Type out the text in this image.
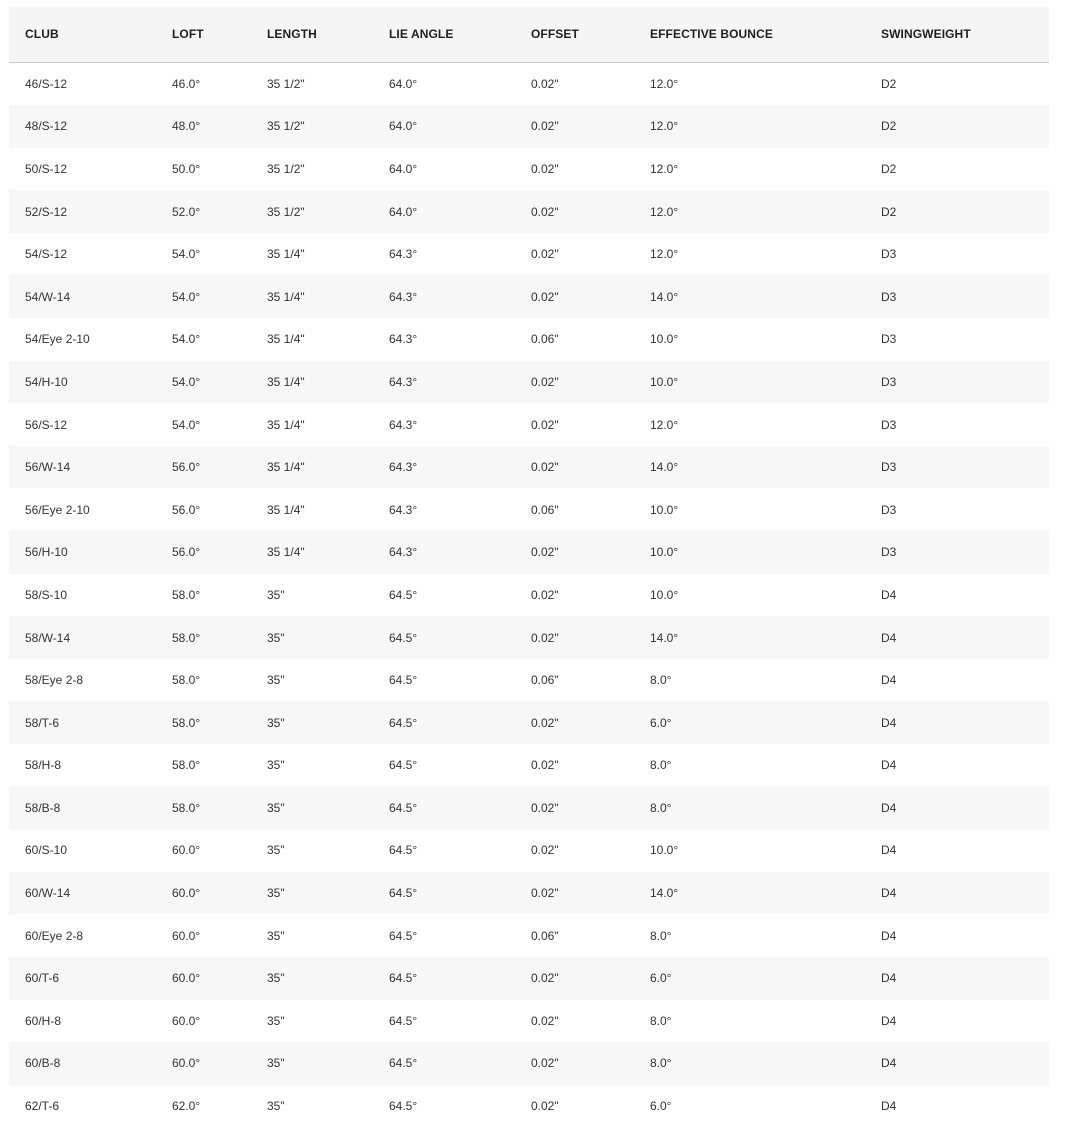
CLUB	LOFT	LENGTH	LIE ANGLE	OFFSET	EFFECTIVE BOUNCE	SWINGWEIGHT
46/S-12	46.0°	35 1/2"	64.0°	0.02"	12.0°	D2
48/S-12	48.0°	35 1/2"	64.0°	0.02"	12.0°	D2
50/S-12	50.0°	35 1/2"	64.0°	0.02"	12.0°	D2
52/S-12	52.0°	35 1/2"	64.0°	0.02"	12.0°	D2
54/S-12	54.0°	35 1/4"	64.3°	0.02"	12.0°	D3
54/W-14	54.0°	35 1/4"	64.3°	0.02"	14.0°	D3
54/Eye 2-10	54.0°	35 1/4"	64.3°	0.06"	10.0°	D3
54/H-10	54.0°	35 1/4"	64.3°	0.02"	10.0°	D3
56/S-12	54.0°	35 1/4"	64.3°	0.02"	12.0°	D3
56/W-14	56.0°	35 1/4"	64.3°	0.02"	14.0°	D3
56/Eye 2-10	56.0°	35 1/4"	64.3°	0.06"	10.0°	D3
56/H-10	56.0°	35 1/4"	64.3°	0.02"	10.0°	D3
58/S-10	58.0°	35"	64.5°	0.02"	10.0°	D4
58/W-14	58.0°	35"	64.5°	0.02"	14.0°	D4
58/Eye 2-8	58.0°	35"	64.5°	0.06"	8.0°	D4
58/T-6	58.0°	35"	64.5°	0.02"	6.0°	D4
58/H-8	58.0°	35"	64.5°	0.02"	8.0°	D4
58/B-8	58.0°	35"	64.5°	0.02"	8.0°	D4
60/S-10	60.0°	35"	64.5°	0.02"	10.0°	D4
60/W-14	60.0°	35"	64.5°	0.02"	14.0°	D4
60/Eye 2-8	60.0°	35"	64.5°	0.06"	8.0°	D4
60/T-6	60.0°	35"	64.5°	0.02"	6.0°	D4
60/H-8	60.0°	35"	64.5°	0.02"	8.0°	D4
60/B-8	60.0°	35"	64.5°	0.02"	8.0°	D4
62/T-6	62.0°	35"	64.5°	0.02"	6.0°	D4
